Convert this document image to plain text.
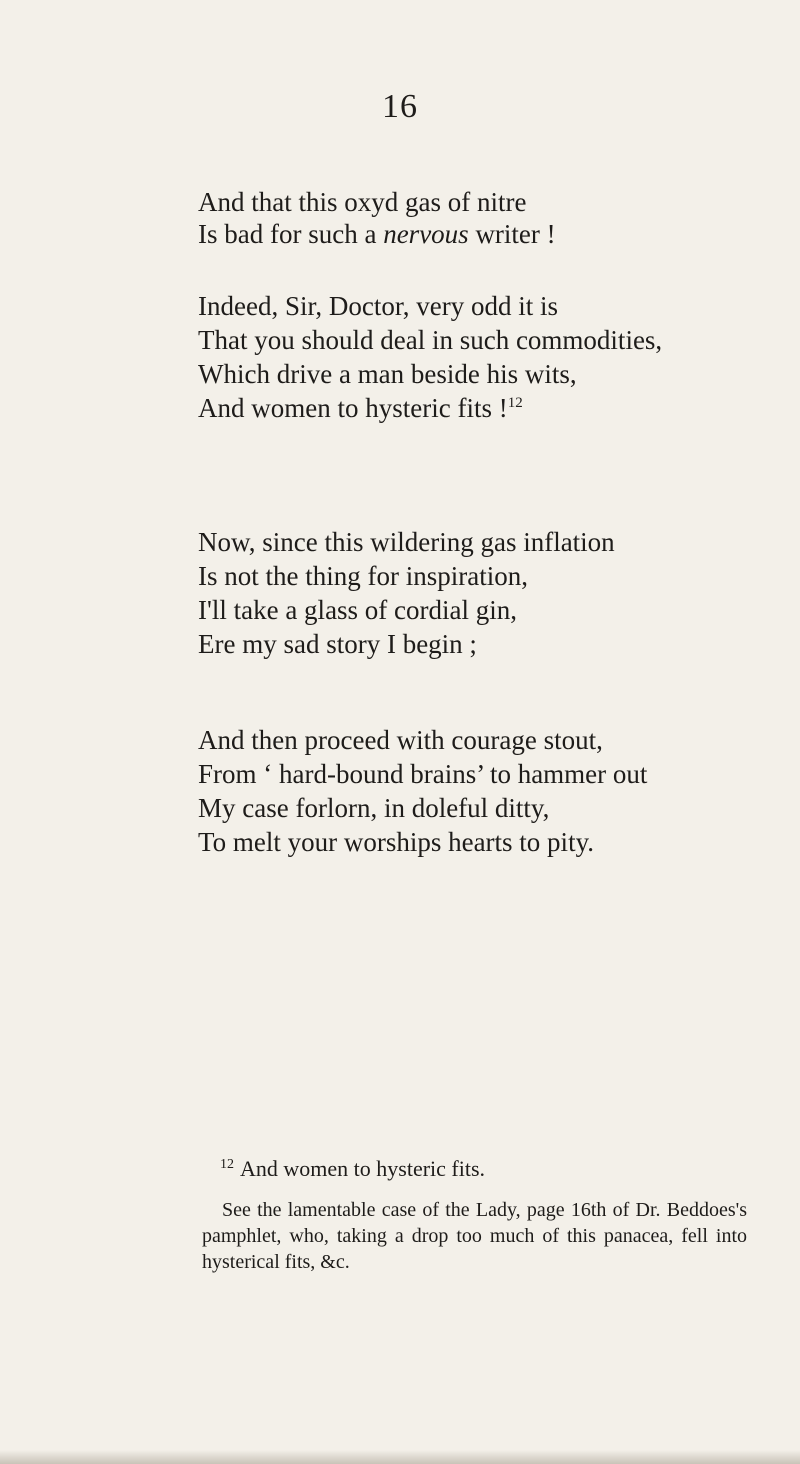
16
And that this oxyd gas of nitre
Is bad for such a nervous writer !
Indeed, Sir, Doctor, very odd it is
That you should deal in such commodities,
Which drive a man beside his wits,
And women to hysteric fits !$^{12}$
Now, since this wildering gas inflation
Is not the thing for inspiration,
I'll take a glass of cordial gin,
Ere my sad story I begin ;
And then proceed with courage stout,
From ‘ hard-bound brains’ to hammer out
My case forlorn, in doleful ditty,
To melt your worships hearts to pity.
$^{12}$ And women to hysteric fits.
See the lamentable case of the Lady, page 16th of Dr. Beddoes's pamphlet, who, taking a drop too much of this panacea, fell into hysterical fits, &c.
